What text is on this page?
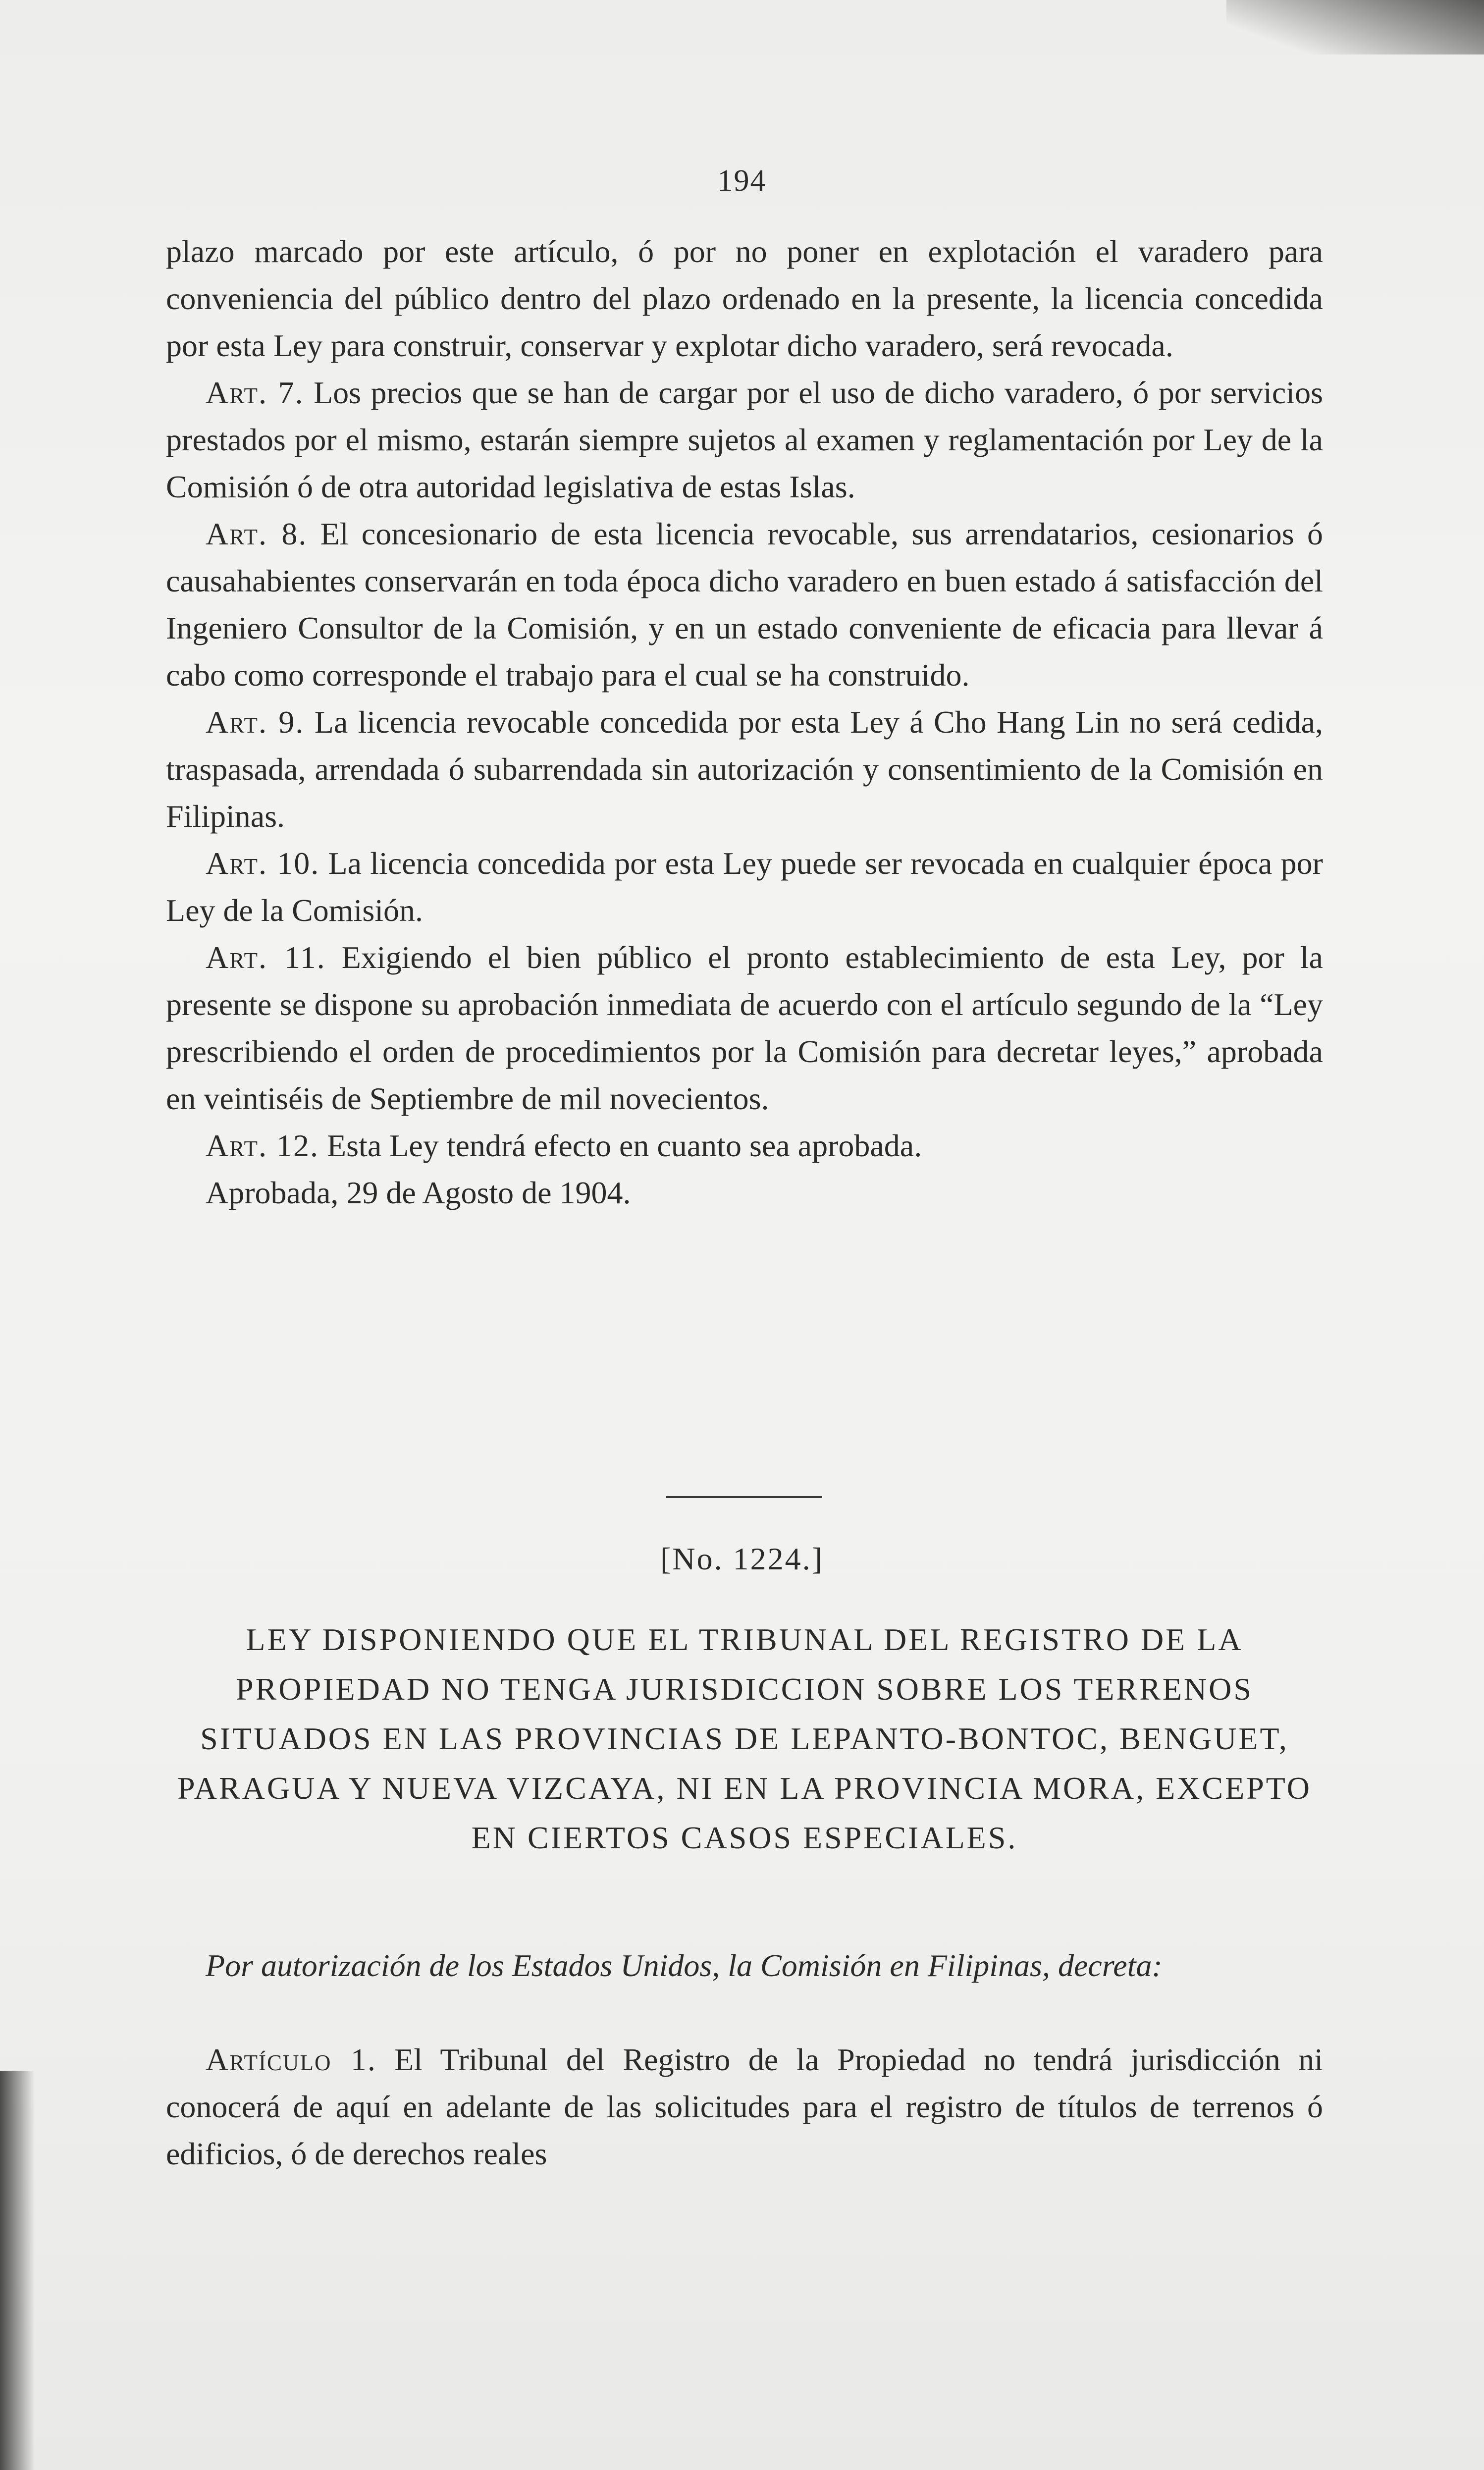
194

plazo marcado por este artículo, ó por no poner en explotación el varadero para conveniencia del público dentro del plazo ordenado en la presente, la licencia concedida por esta Ley para construir, conservar y explotar dicho varadero, será revocada.

Art. 7. Los precios que se han de cargar por el uso de dicho varadero, ó por servicios prestados por el mismo, estarán siempre sujetos al examen y reglamentación por Ley de la Comisión ó de otra autoridad legislativa de estas Islas.

Art. 8. El concesionario de esta licencia revocable, sus arrendatarios, cesionarios ó causahabientes conservarán en toda época dicho varadero en buen estado á satisfacción del Ingeniero Consultor de la Comisión, y en un estado conveniente de eficacia para llevar á cabo como corresponde el trabajo para el cual se ha construido.

Art. 9. La licencia revocable concedida por esta Ley á Cho Hang Lin no será cedida, traspasada, arrendada ó subarrendada sin autorización y consentimiento de la Comisión en Filipinas.

Art. 10. La licencia concedida por esta Ley puede ser revocada en cualquier época por Ley de la Comisión.

Art. 11. Exigiendo el bien público el pronto establecimiento de esta Ley, por la presente se dispone su aprobación inmediata de acuerdo con el artículo segundo de la “Ley prescribiendo el orden de procedimientos por la Comisión para decretar leyes,” aprobada en veintiséis de Septiembre de mil novecientos.

Art. 12. Esta Ley tendrá efecto en cuanto sea aprobada.

Aprobada, 29 de Agosto de 1904.

[No. 1224.]

LEY DISPONIENDO QUE EL TRIBUNAL DEL REGISTRO DE LA PROPIEDAD NO TENGA JURISDICCION SOBRE LOS TERRENOS SITUADOS EN LAS PROVINCIAS DE LEPANTO-BONTOC, BENGUET, PARAGUA Y NUEVA VIZCAYA, NI EN LA PROVINCIA MORA, EXCEPTO EN CIERTOS CASOS ESPECIALES.

Por autorización de los Estados Unidos, la Comisión en Filipinas, decreta:

Artículo 1. El Tribunal del Registro de la Propiedad no tendrá jurisdicción ni conocerá de aquí en adelante de las solicitudes para el registro de títulos de terrenos ó edificios, ó de derechos reales
